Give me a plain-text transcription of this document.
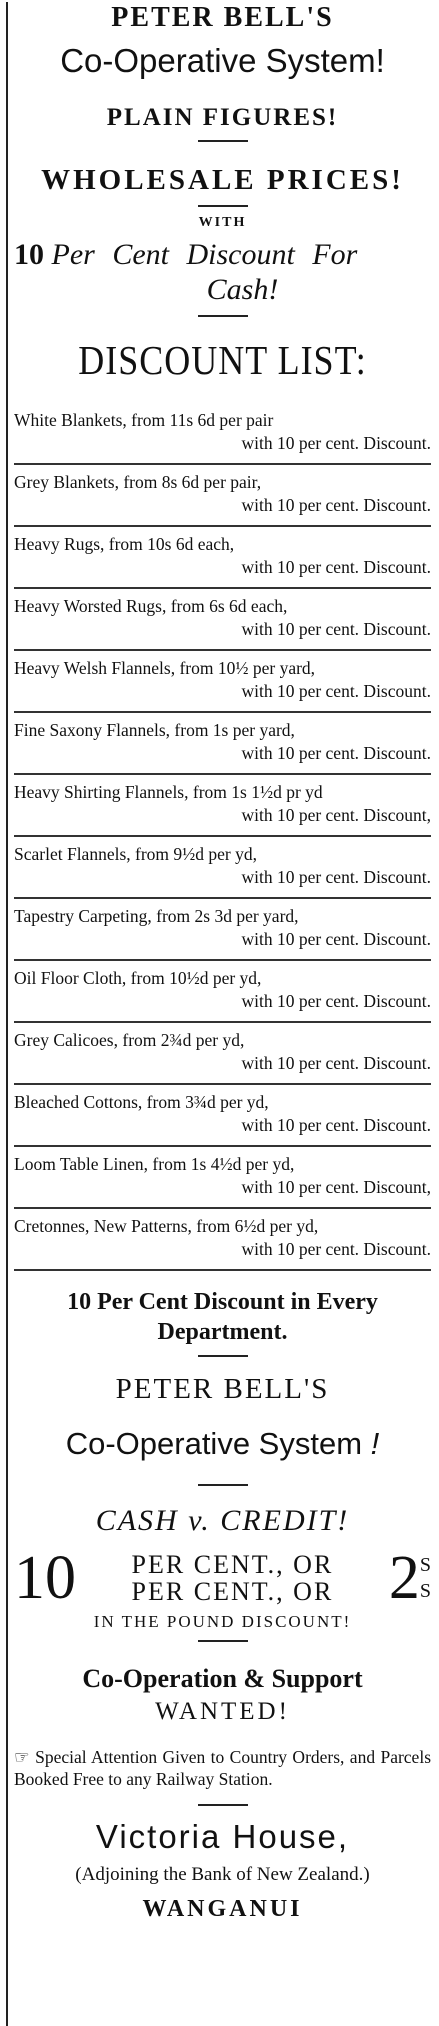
PETER BELL'S
Co-Operative System!
PLAIN FIGURES!
WHOLESALE PRICES!
WITH
10 Per Cent Discount For
Cash!
DISCOUNT LIST:
White Blankets, from 11s 6d per pair
with 10 per cent. Discount.
Grey Blankets, from 8s 6d per pair,
with 10 per cent. Discount.
Heavy Rugs, from 10s 6d each,
with 10 per cent. Discount.
Heavy Worsted Rugs, from 6s 6d each,
with 10 per cent. Discount.
Heavy Welsh Flannels, from 10½ per yard,
with 10 per cent. Discount.
Fine Saxony Flannels, from 1s per yard,
with 10 per cent. Discount.
Heavy Shirting Flannels, from 1s 1½d pr yd
with 10 per cent. Discount,
Scarlet Flannels, from 9½d per yd,
with 10 per cent. Discount.
Tapestry Carpeting, from 2s 3d per yard,
with 10 per cent. Discount.
Oil Floor Cloth, from 10½d per yd,
with 10 per cent. Discount.
Grey Calicoes, from 2¾d per yd,
with 10 per cent. Discount.
Bleached Cottons, from 3¾d per yd,
with 10 per cent. Discount.
Loom Table Linen, from 1s 4½d per yd,
with 10 per cent. Discount,
Cretonnes, New Patterns, from 6½d per yd,
with 10 per cent. Discount.
10 Per Cent Discount in Every
Department.
PETER BELL'S
Co-Operative System !
CASH v. CREDIT!
10 PER CENT., OR
PER CENT., OR 2 S
S
IN THE POUND DISCOUNT!
Co-Operation & Support
WANTED!
☞ Special Attention Given to Country Orders, and Parcels Booked Free to any Railway Station.
Victoria House,
(Adjoining the Bank of New Zealand.)
WANGANUI
